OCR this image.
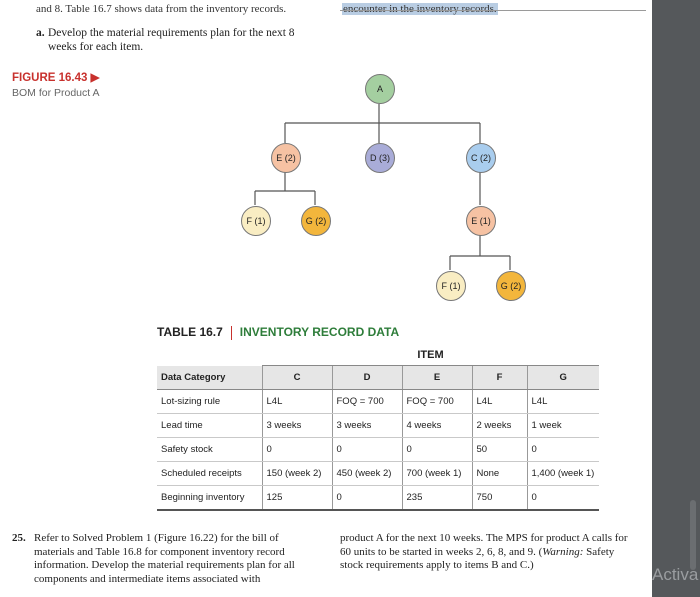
and 8. Table 16.7 shows data from the inventory records.	encounter in the inventory records.
a. Develop the material requirements plan for the next 8 weeks for each item.
FIGURE 16.43 ▶
BOM for Product A	A
E (2)	D (3)	C (2)
F (1)	G (2)	E (1)
F (1)	G (2)
TABLE 16.7 INVENTORY RECORD DATA
	ITEM				
Data Category	C	D	E	F	G
Lot-sizing rule	L4L	FOQ = 700	FOQ = 700	L4L	L4L
Lead time	3 weeks	3 weeks	4 weeks	2 weeks	1 week
Safety stock	0	0	0	50	0
Scheduled receipts	150 (week 2)	450 (week 2)	700 (week 1)	None	1,400 (week 1)
Beginning inventory	125	0	235	750	0
25. Refer to Solved Problem 1 (Figure 16.22) for the bill of materials and Table 16.8 for component inventory record information. Develop the material requirements plan for all components and intermediate items associated with
product A for the next 10 weeks. The MPS for product A calls for 60 units to be started in weeks 2, 6, 8, and 9. (Warning: Safety stock requirements apply to items B and C.)	Activa
